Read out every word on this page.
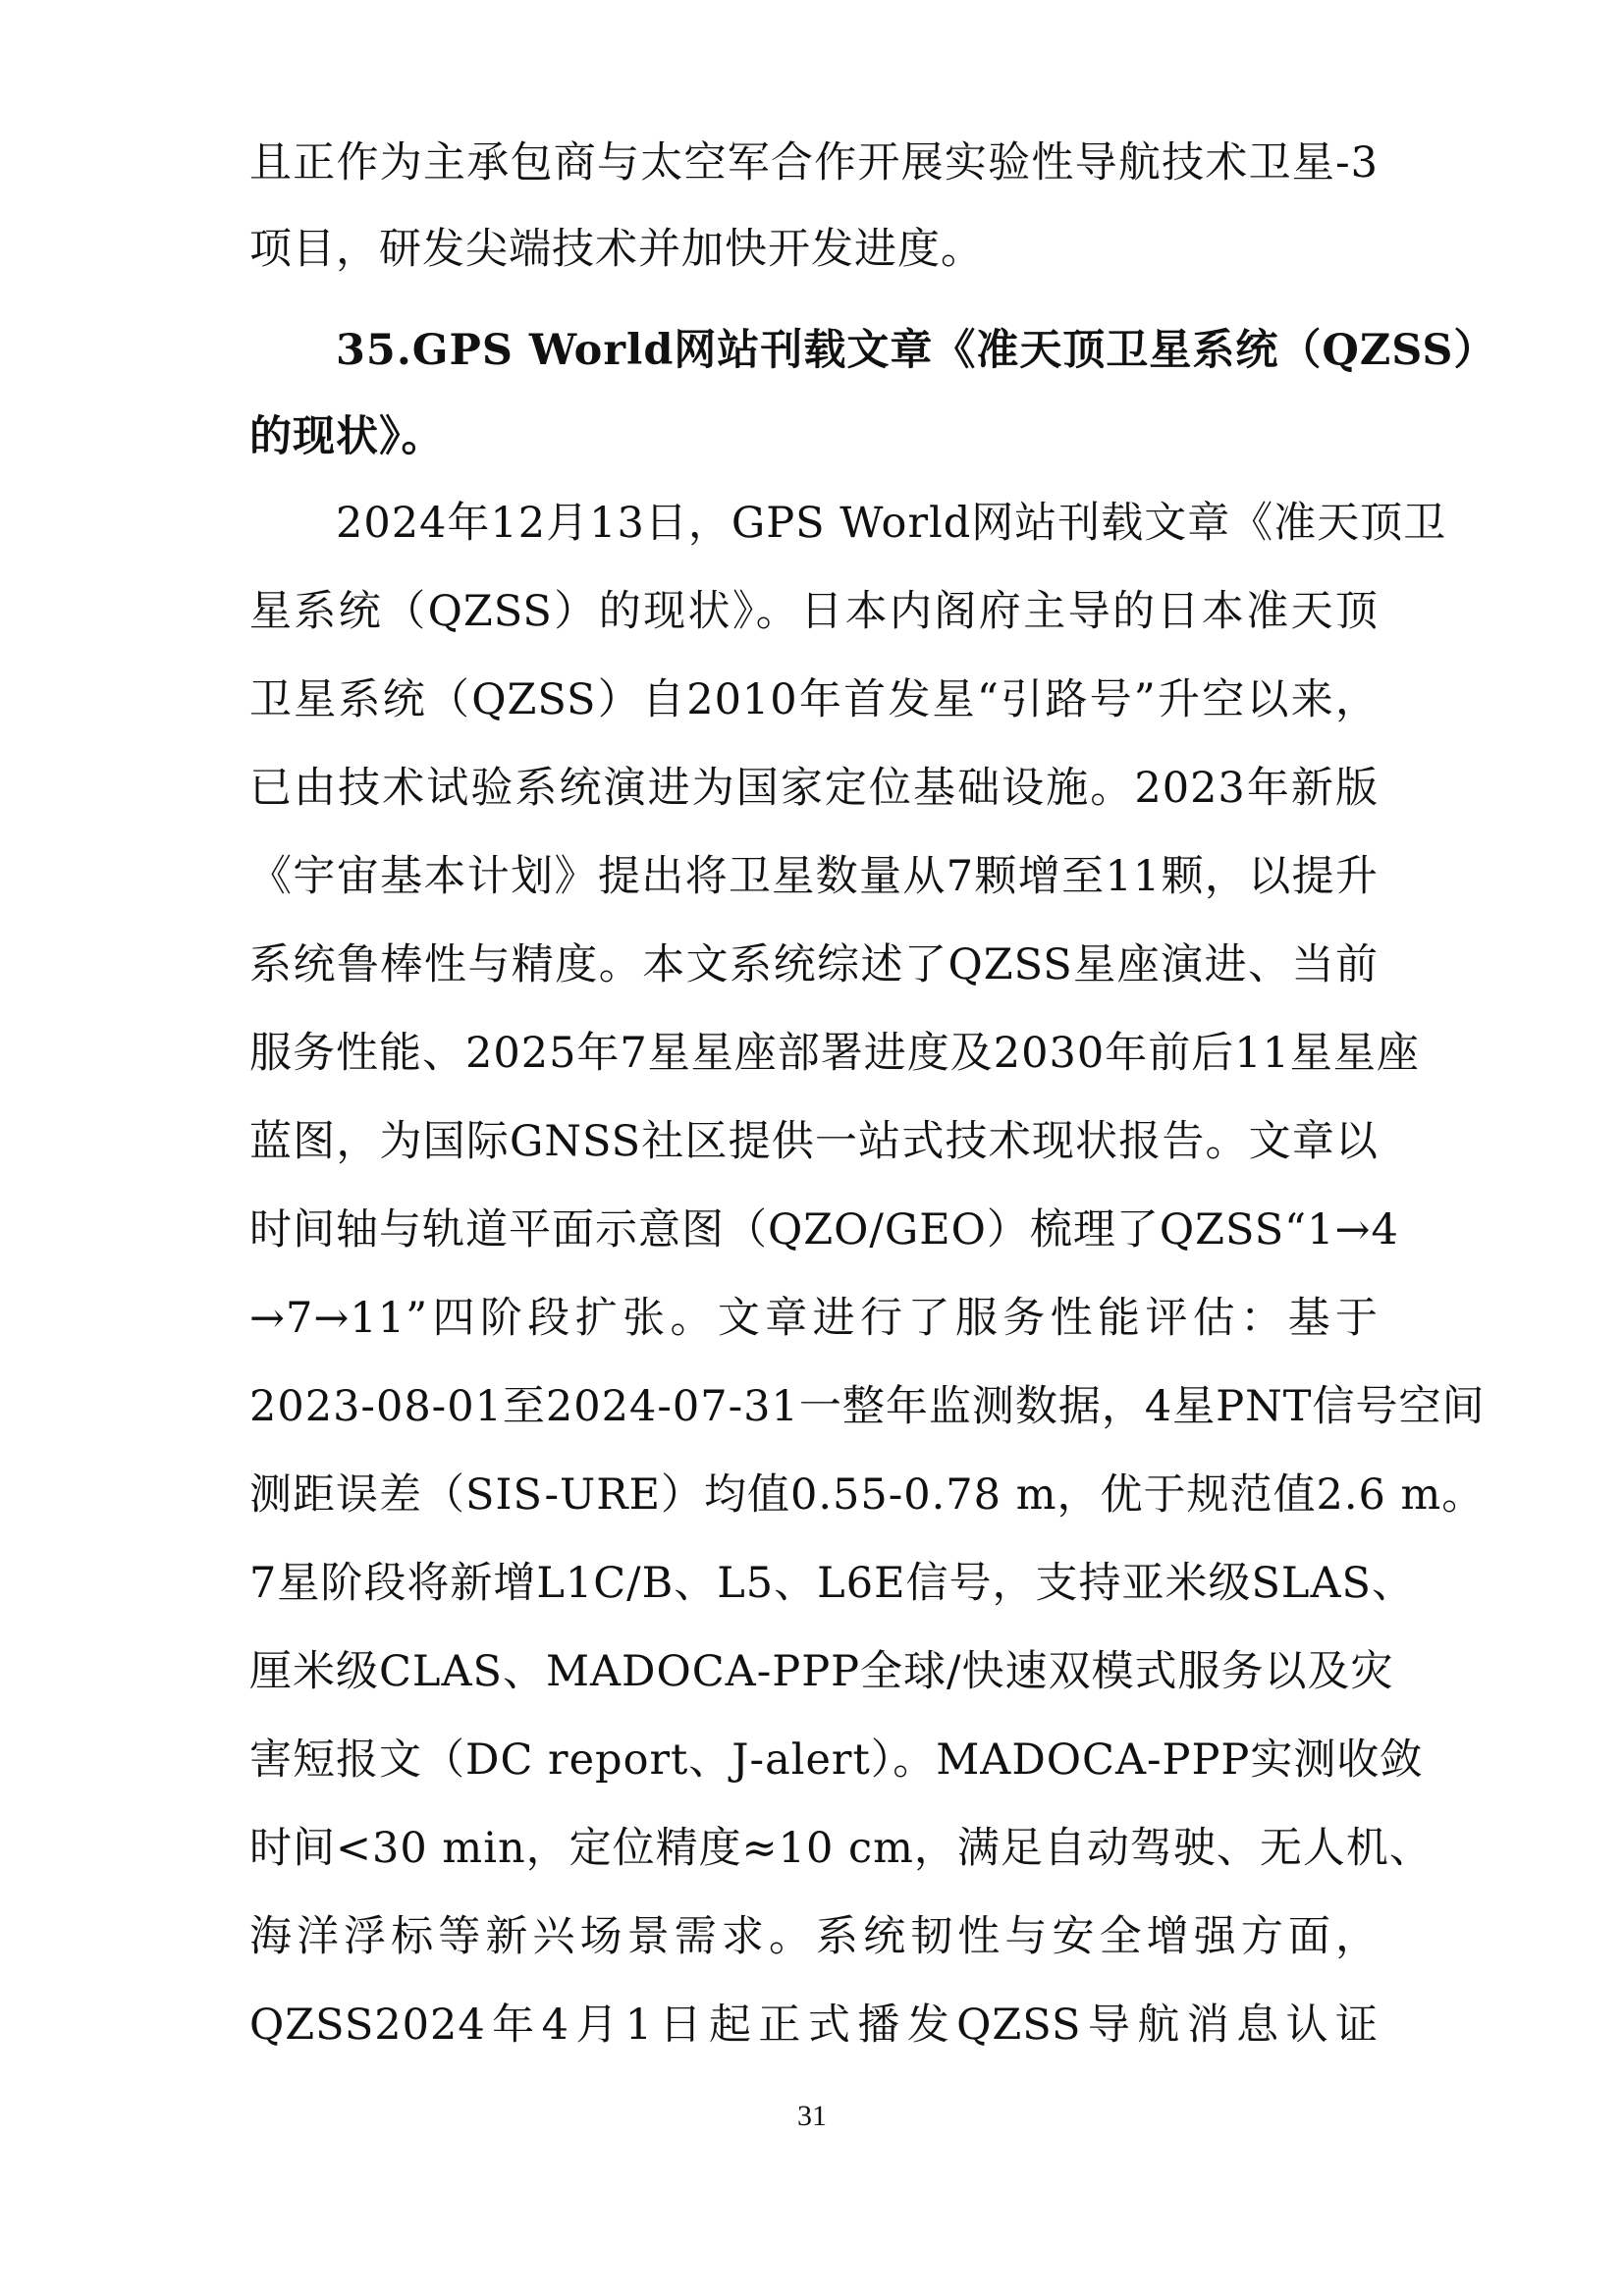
且正作为主承包商与太空军合作开展实验性导航技术卫星-3
项目，研发尖端技术并加快开发进度。
35.GPS World网站刊载文章《准天顶卫星系统（QZSS）
的现状》。
2024年12月13日，GPS World网站刊载文章《准天顶卫
星系统（QZSS）的现状》。日本内阁府主导的日本准天顶
卫星系统（QZSS）自2010年首发星“引路号”升空以来，
已由技术试验系统演进为国家定位基础设施。2023年新版
《宇宙基本计划》提出将卫星数量从7颗增至11颗，以提升
系统鲁棒性与精度。本文系统综述了QZSS星座演进、当前
服务性能、2025年7星星座部署进度及2030年前后11星星座
蓝图，为国际GNSS社区提供一站式技术现状报告。文章以
时间轴与轨道平面示意图（QZO/GEO）梳理了QZSS“1→4
→7→11”四阶段扩张。文章进行了服务性能评估：基于
2023-08-01至2024-07-31一整年监测数据，4星PNT信号空间
测距误差（SIS-URE）均值0.55-0.78 m，优于规范值2.6 m。
7星阶段将新增L1C/B、L5、L6E信号，支持亚米级SLAS、
厘米级CLAS、MADOCA-PPP全球/快速双模式服务以及灾
害短报文（DC report、J-alert）。MADOCA-PPP实测收敛
时间<30 min，定位精度≈10 cm，满足自动驾驶、无人机、
海洋浮标等新兴场景需求。系统韧性与安全增强方面，
QZSS2024年4月1日起正式播发QZSS导航消息认证
31
